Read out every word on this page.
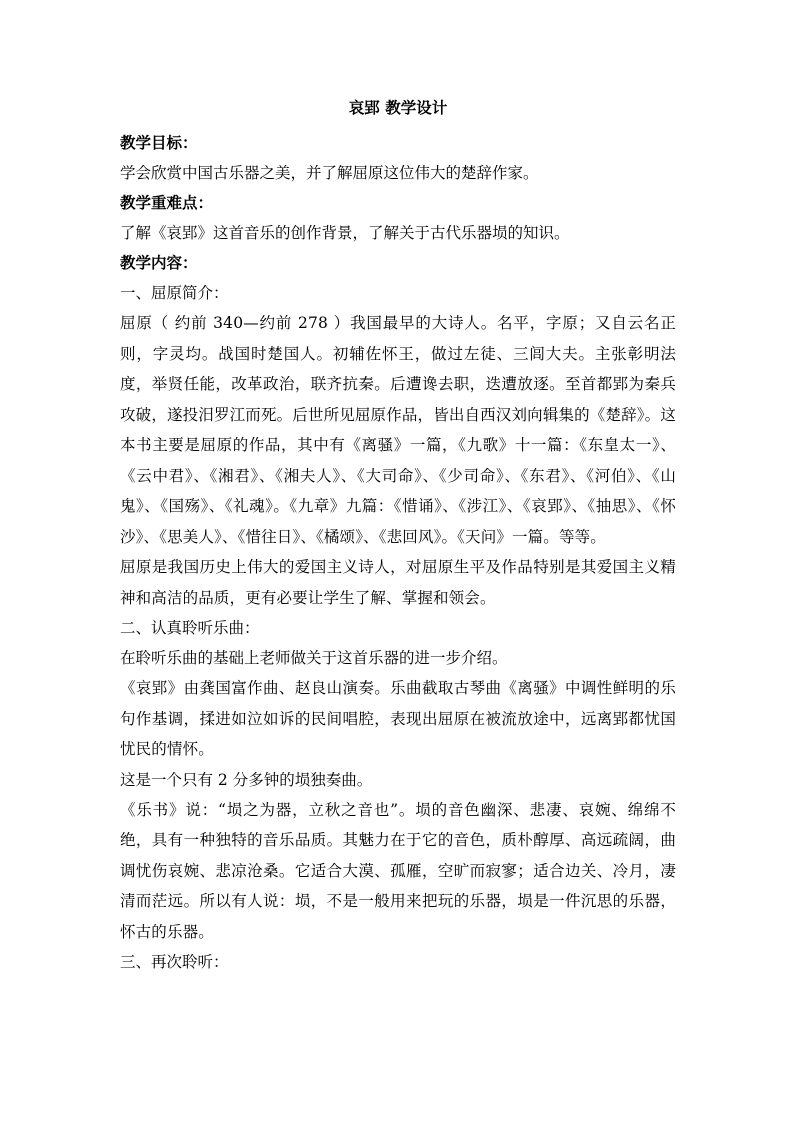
哀郢 教学设计
教学目标：
学会欣赏中国古乐器之美，并了解屈原这位伟大的楚辞作家。
教学重难点：
了解《哀郢》这首音乐的创作背景，了解关于古代乐器埙的知识。
教学内容：
一、屈原简介：

屈原（ 约前 340—约前 278 ）我国最早的大诗人。名平，字原；又自云名正则，字灵均。战国时楚国人。初辅佐怀王，做过左徒、三闾大夫。主张彰明法度，举贤任能，改革政治，联齐抗秦。后遭谗去职，迭遭放逐。至首都郢为秦兵攻破，遂投汨罗江而死。后世所见屈原作品，皆出自西汉刘向辑集的《楚辞》。这本书主要是屈原的作品，其中有《离骚》一篇，《九歌》十一篇：《东皇太一》、《云中君》、《湘君》、《湘夫人》、《大司命》、《少司命》、《东君》、《河伯》、《山鬼》、《国殇》、《礼魂》。《九章》九篇：《惜诵》、《涉江》、《哀郢》、《抽思》、《怀沙》、《思美人》、《惜往日》、《橘颂》、《悲回风》。《天问》一篇。等等。

屈原是我国历史上伟大的爱国主义诗人，对屈原生平及作品特别是其爱国主义精神和高洁的品质，更有必要让学生了解、掌握和领会。

二、认真聆听乐曲：
在聆听乐曲的基础上老师做关于这首乐器的进一步介绍。

《哀郢》由龚国富作曲、赵良山演奏。乐曲截取古琴曲《离骚》中调性鲜明的乐句作基调，揉进如泣如诉的民间唱腔，表现出屈原在被流放途中，远离郢都忧国忧民的情怀。

这是一个只有 2 分多钟的埙独奏曲。

《乐书》说：“埙之为器，立秋之音也”。埙的音色幽深、悲凄、哀婉、绵绵不绝，具有一种独特的音乐品质。其魅力在于它的音色，质朴醇厚、高远疏阔，曲调忧伤哀婉、悲凉沧桑。它适合大漠、孤雁，空旷而寂寥；适合边关、冷月，凄清而茫远。所以有人说：埙，不是一般用来把玩的乐器，埙是一件沉思的乐器，怀古的乐器。

三、再次聆听：
